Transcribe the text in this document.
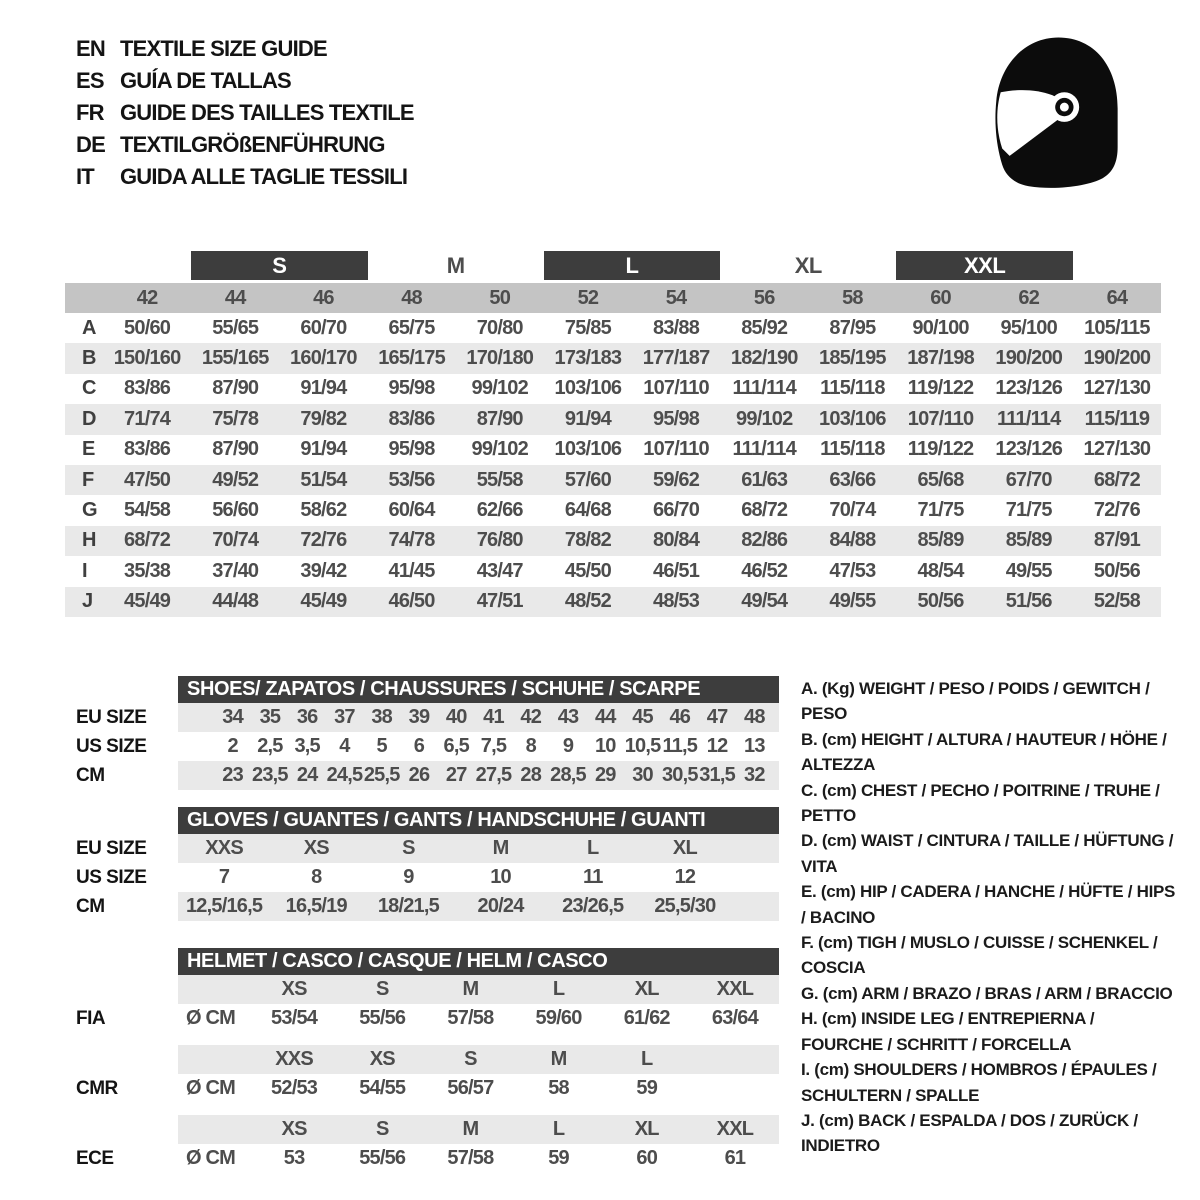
EN TEXTILE SIZE GUIDE
ES GUÍA DE TALLAS
FR GUIDE DES TAILLES TEXTILE
DE TEXTILGRÖßENFÜHRUNG
IT	GUIDA ALLE TAGLIE TESSILI
S	M	L	XL	XXL
42	44	46	48	50	52	54	56	58	60	62	64
A	50/60	55/65	60/70	65/75	70/80	75/85	83/88	85/92	87/95	90/100	95/100	105/115
B 150/160	155/165	160/170	165/175	170/180	173/183	177/187	182/190	185/195	187/198	190/200	190/200
C	83/86	87/90	91/94	95/98	99/102	103/106	107/110	111/114	115/118	119/122	123/126	127/130
D	71/74	75/78	79/82	83/86	87/90	91/94	95/98	99/102	103/106	107/110	111/114	115/119
E	83/86	87/90	91/94	95/98	99/102	103/106	107/110	111/114	115/118	119/122	123/126	127/130
F	47/50	49/52	51/54	53/56	55/58	57/60	59/62	61/63	63/66	65/68	67/70	68/72
G	54/58	56/60	58/62	60/64	62/66	64/68	66/70	68/72	70/74	71/75	71/75	72/76
H	68/72	70/74	72/76	74/78	76/80	78/82	80/84	82/86	84/88	85/89	85/89	87/91
I	35/38	37/40	39/42	41/45	43/47	45/50	46/51	46/52	47/53	48/54	49/55	50/56
J	45/49	44/48	45/49	46/50	47/51	48/52	48/53	49/54	49/55	50/56	51/56	52/58
SHOES/ ZAPATOS / CHAUSSURES / SCHUHE / SCARPE
EU SIZE	34 35 36 37 38 39 40 41 42 43 44 45 46 47 48
US SIZE	2 2,5 3,5 4	5	6 6,5 7,5 8	9	10 10,5 11,5 12 13
CM	23 23,5 24 24,5 25,5 26 27 27,5 28 28,5 29 30 30,5 31,5 32
GLOVES / GUANTES / GANTS / HANDSCHUHE / GUANTI
EU SIZE	XXS	XS	S	M	L	XL
US SIZE	7	8	9	10	11	12
CM	12,5/16,5	16,5/19	18/21,5	20/24	23/26,5	25,5/30
HELMET / CASCO / CASQUE / HELM / CASCO
XS	S	M	L	XL	XXL
FIA	Ø CM	53/54	55/56	57/58	59/60	61/62	63/64
XXS	XS	S	M	L
CMR	Ø CM	52/53	54/55	56/57	58	59
XS	S	M	L	XL	XXL
ECE	Ø CM	53	55/56	57/58	59	60	61
A. (Kg) WEIGHT / PESO / POIDS / GEWITCH / PESO
B. (cm) HEIGHT / ALTURA / HAUTEUR / HÖHE / ALTEZZA
C. (cm) CHEST / PECHO / POITRINE / TRUHE / PETTO
D. (cm) WAIST / CINTURA / TAILLE / HÜFTUNG / VITA
E. (cm) HIP / CADERA / HANCHE / HÜFTE / HIPS / BACINO
F. (cm) TIGH / MUSLO / CUISSE / SCHENKEL / COSCIA
G. (cm) ARM / BRAZO / BRAS / ARM / BRACCIO
H. (cm) INSIDE LEG / ENTREPIERNA / FOURCHE / SCHRITT / FORCELLA
I. (cm) SHOULDERS / HOMBROS / ÉPAULES / SCHULTERN / SPALLE
J. (cm) BACK / ESPALDA / DOS / ZURÜCK / INDIETRO
